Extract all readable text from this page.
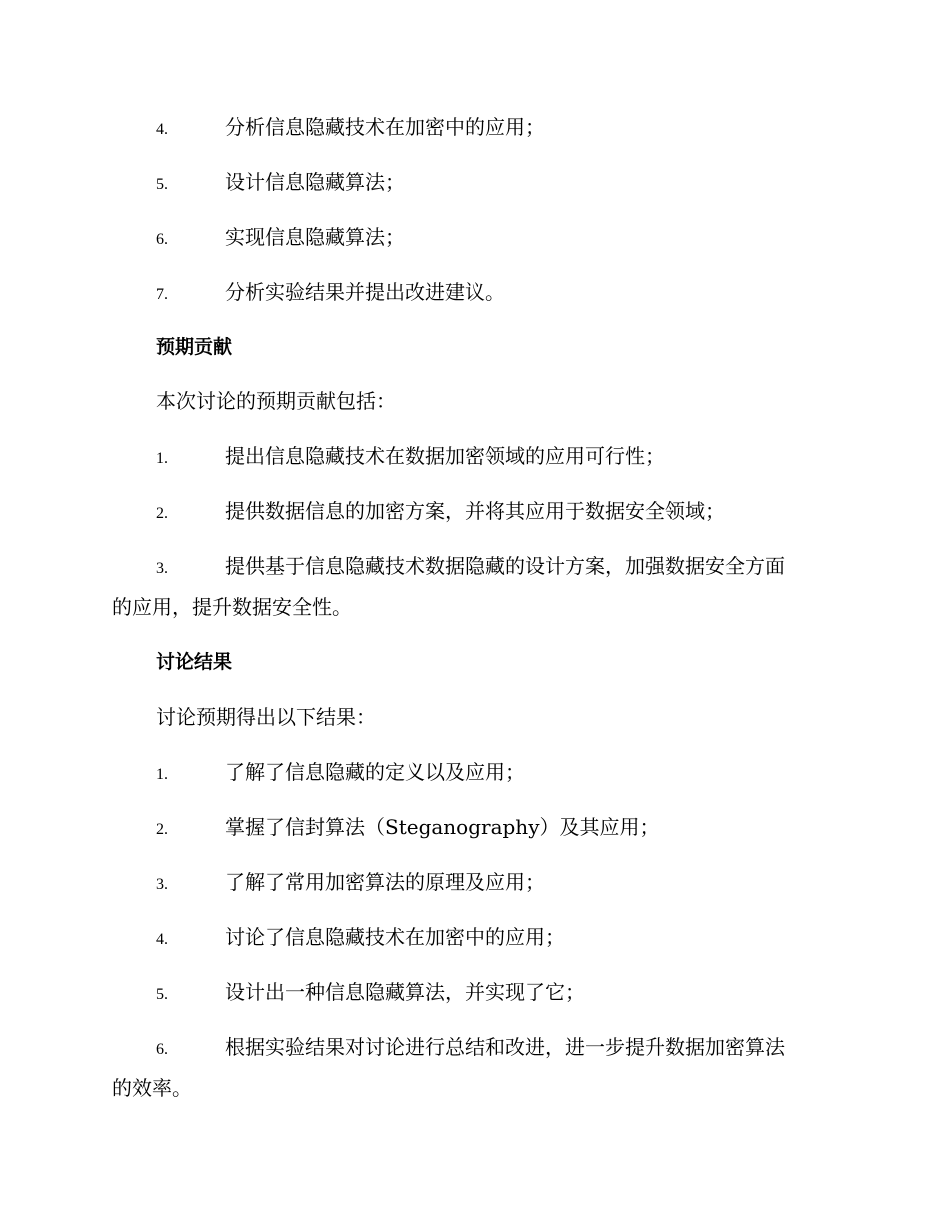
4.	分析信息隐藏技术在加密中的应用；
5.	设计信息隐藏算法；
6.	实现信息隐藏算法；
7.	分析实验结果并提出改进建议。
预期贡献
本次讨论的预期贡献包括：
1.	提出信息隐藏技术在数据加密领域的应用可行性；
2.	提供数据信息的加密方案，并将其应用于数据安全领域；
3.	提供基于信息隐藏技术数据隐藏的设计方案，加强数据安全方面
的应用，提升数据安全性。
讨论结果
讨论预期得出以下结果：
1.	了解了信息隐藏的定义以及应用；
2.	掌握了信封算法（Steganography）及其应用；
3.	了解了常用加密算法的原理及应用；
4.	讨论了信息隐藏技术在加密中的应用；
5.	设计出一种信息隐藏算法，并实现了它；
6.	根据实验结果对讨论进行总结和改进，进一步提升数据加密算法
的效率。
